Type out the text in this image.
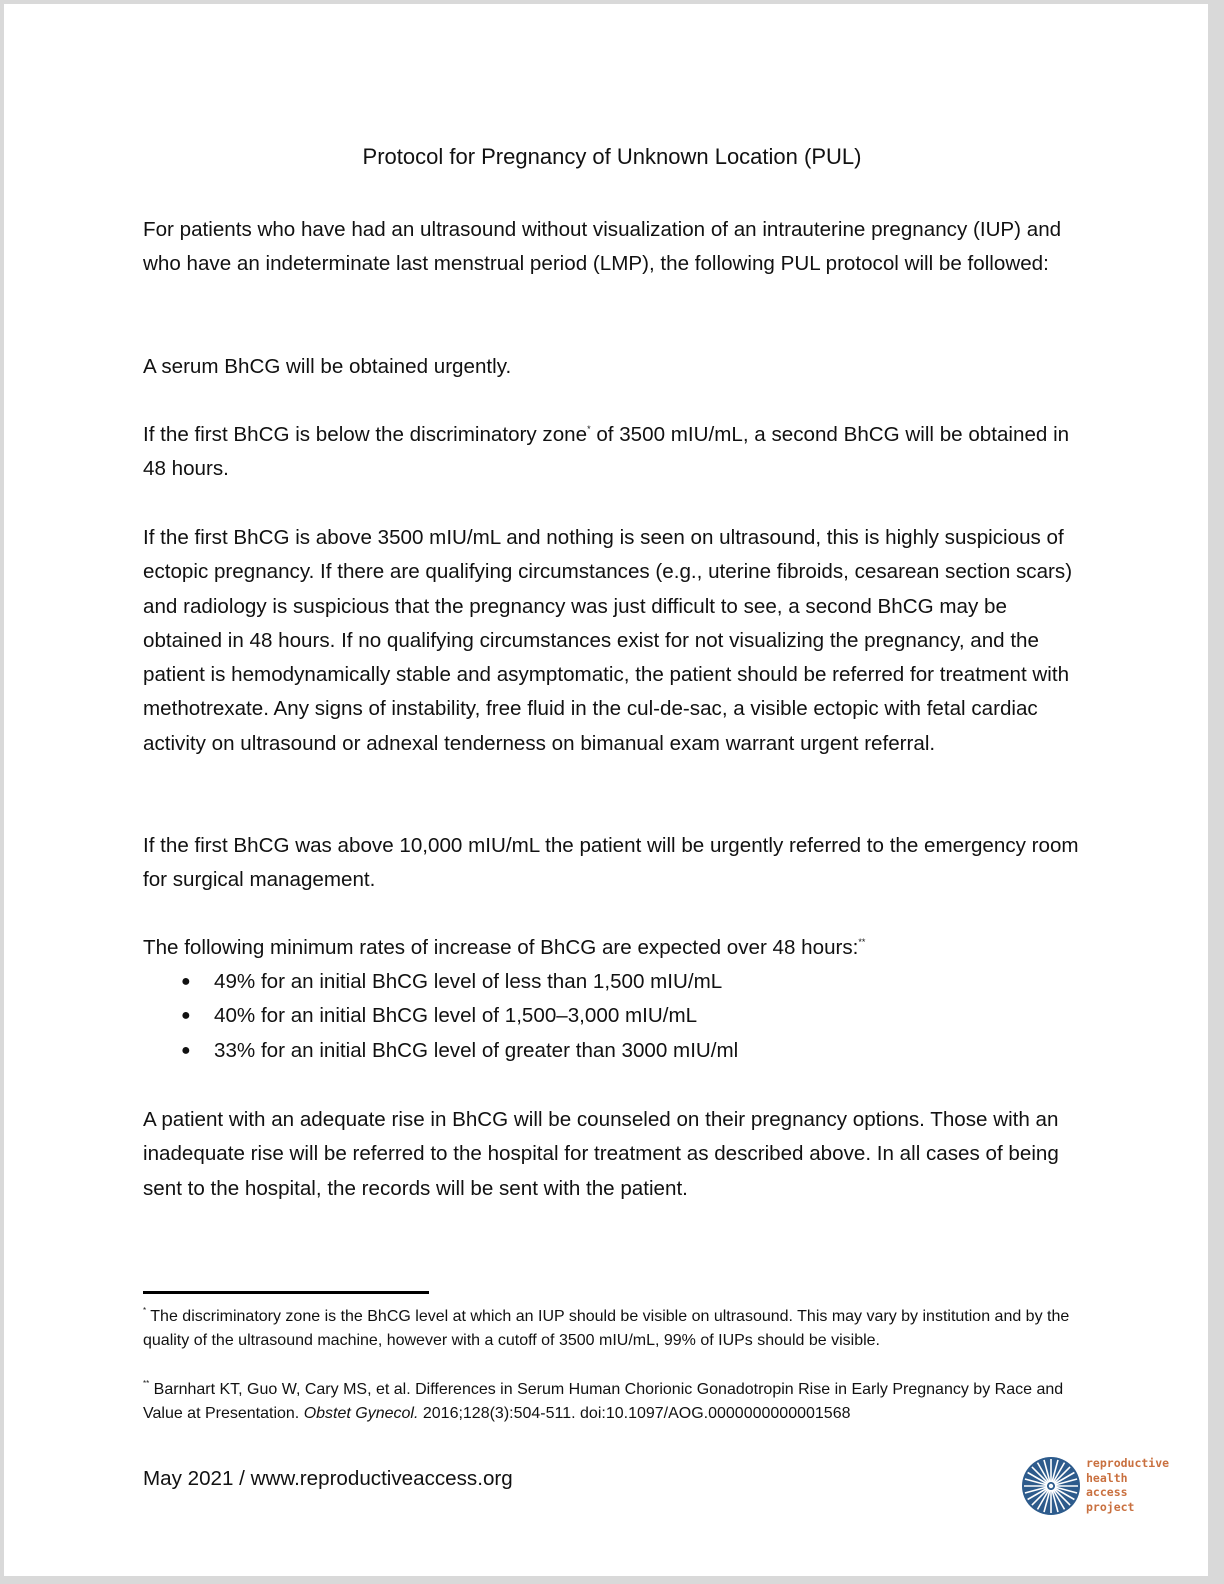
Protocol for Pregnancy of Unknown Location (PUL)

For patients who have had an ultrasound without visualization of an intrauterine pregnancy (IUP) and who have an indeterminate last menstrual period (LMP), the following PUL protocol will be followed:

A serum BhCG will be obtained urgently.

If the first BhCG is below the discriminatory zone* of 3500 mIU/mL, a second BhCG will be obtained in 48 hours.

If the first BhCG is above 3500 mIU/mL and nothing is seen on ultrasound, this is highly suspicious of ectopic pregnancy. If there are qualifying circumstances (e.g., uterine fibroids, cesarean section scars) and radiology is suspicious that the pregnancy was just difficult to see, a second BhCG may be obtained in 48 hours. If no qualifying circumstances exist for not visualizing the pregnancy, and the patient is hemodynamically stable and asymptomatic, the patient should be referred for treatment with methotrexate. Any signs of instability, free fluid in the cul-de-sac, a visible ectopic with fetal cardiac activity on ultrasound or adnexal tenderness on bimanual exam warrant urgent referral.

If the first BhCG was above 10,000 mIU/mL the patient will be urgently referred to the emergency room for surgical management.

The following minimum rates of increase of BhCG are expected over 48 hours:**

● 49% for an initial BhCG level of less than 1,500 mIU/mL
● 40% for an initial BhCG level of 1,500–3,000 mIU/mL
● 33% for an initial BhCG level of greater than 3000 mIU/ml

A patient with an adequate rise in BhCG will be counseled on their pregnancy options. Those with an inadequate rise will be referred to the hospital for treatment as described above. In all cases of being sent to the hospital, the records will be sent with the patient.

* The discriminatory zone is the BhCG level at which an IUP should be visible on ultrasound. This may vary by institution and by the quality of the ultrasound machine, however with a cutoff of 3500 mIU/mL, 99% of IUPs should be visible.

** Barnhart KT, Guo W, Cary MS, et al. Differences in Serum Human Chorionic Gonadotropin Rise in Early Pregnancy by Race and Value at Presentation. Obstet Gynecol. 2016;128(3):504-511. doi:10.1097/AOG.0000000000001568

May 2021 / www.reproductiveaccess.org

reproductive
health
access
project
